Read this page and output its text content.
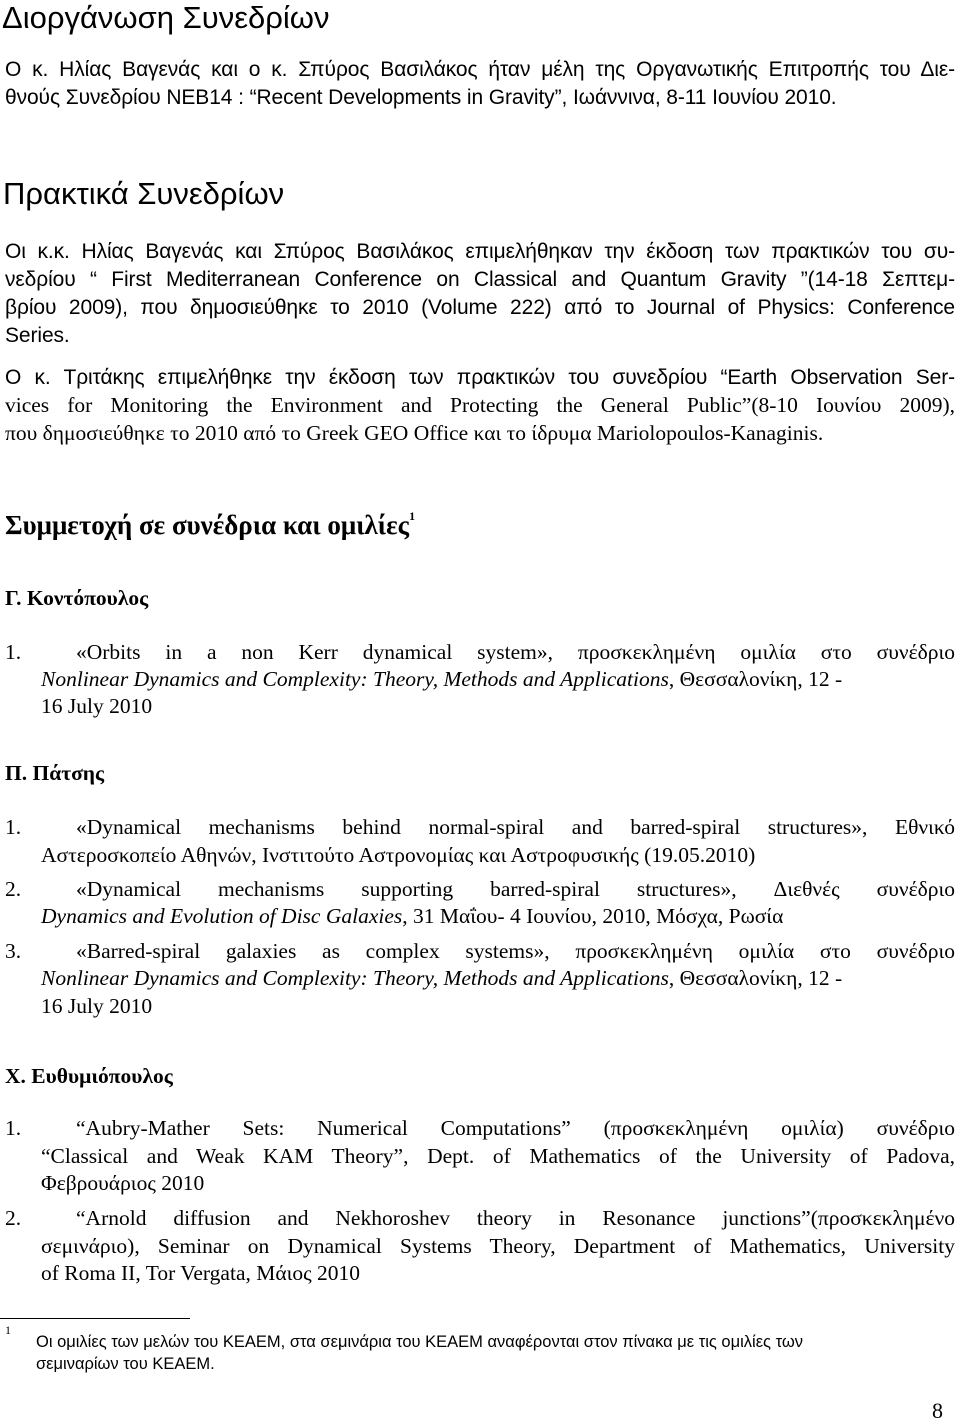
Διοργάνωση Συνεδρίων
Ο κ. Ηλίας Βαγενάς και ο κ. Σπύρος Βασιλάκος ήταν μέλη της Οργανωτικής Επιτροπής του Διε-
θνούς Συνεδρίου ΝΕΒ14 : “Recent Developments in Gravity”, Ιωάννινα, 8-11 Ιουνίου 2010.
Πρακτικά Συνεδρίων
Οι κ.κ. Ηλίας Βαγενάς και Σπύρος Βασιλάκος επιμελήθηκαν την έκδοση των πρακτικών του συ-
νεδρίου “ First Mediterranean Conference on Classical and Quantum Gravity ”(14-18 Σεπτεμ-
βρίου 2009), που δημοσιεύθηκε το 2010 (Volume 222) από το Journal of Physics: Conference
Series.
Ο κ. Τριτάκης επιμελήθηκε την έκδοση των πρακτικών του συνεδρίου “Earth Observation Ser-
vices for Monitoring the Environment and Protecting the General Public”(8-10 Ιουνίου 2009),
που δημοσιεύθηκε το 2010 από το Greek GEO Office και το ίδρυμα Mariolopoulos-Kanaginis.
Συμμετοχή σε συνέδρια και ομιλίες$^1$
Γ. Κοντόπουλος
1.	«Orbits in a non Kerr dynamical system», προσκεκλημένη ομιλία στο συνέδριο
Nonlinear Dynamics and Complexity: Theory, Methods and Applications, Θεσσαλονίκη, 12 -
16 July 2010
Π. Πάτσης
1.	«Dynamical mechanisms behind normal-spiral and barred-spiral structures», Εθνικό
Αστεροσκοπείο Αθηνών, Ινστιτούτο Αστρονομίας και Αστροφυσικής (19.05.2010)
2.	«Dynamical mechanisms supporting barred-spiral structures», Διεθνές συνέδριο
Dynamics and Evolution of Disc Galaxies, 31 Μαΐου- 4 Ιουνίου, 2010, Μόσχα, Ρωσία
3.	«Barred-spiral galaxies as complex systems», προσκεκλημένη ομιλία στο συνέδριο
Nonlinear Dynamics and Complexity: Theory, Methods and Applications, Θεσσαλονίκη, 12 -
16 July 2010
Χ. Ευθυμιόπουλος
1.	“Aubry-Mather Sets: Numerical Computations” (προσκεκλημένη ομιλία) συνέδριο
“Classical and Weak KAM Theory”, Dept. of Mathematics of the University of Padova,
Φεβρουάριος 2010
2.	“Arnold diffusion and Nekhoroshev theory in Resonance junctions”(προσκεκλημένο
σεμινάριο), Seminar on Dynamical Systems Theory, Department of Mathematics, University
of Roma II, Tor Vergata, Μάιος 2010
1
Οι ομιλίες των μελών του ΚΕΑΕΜ, στα σεμινάρια του ΚΕΑΕΜ αναφέρονται στον πίνακα με τις ομιλίες των
σεμιναρίων του ΚΕΑΕΜ.
8
